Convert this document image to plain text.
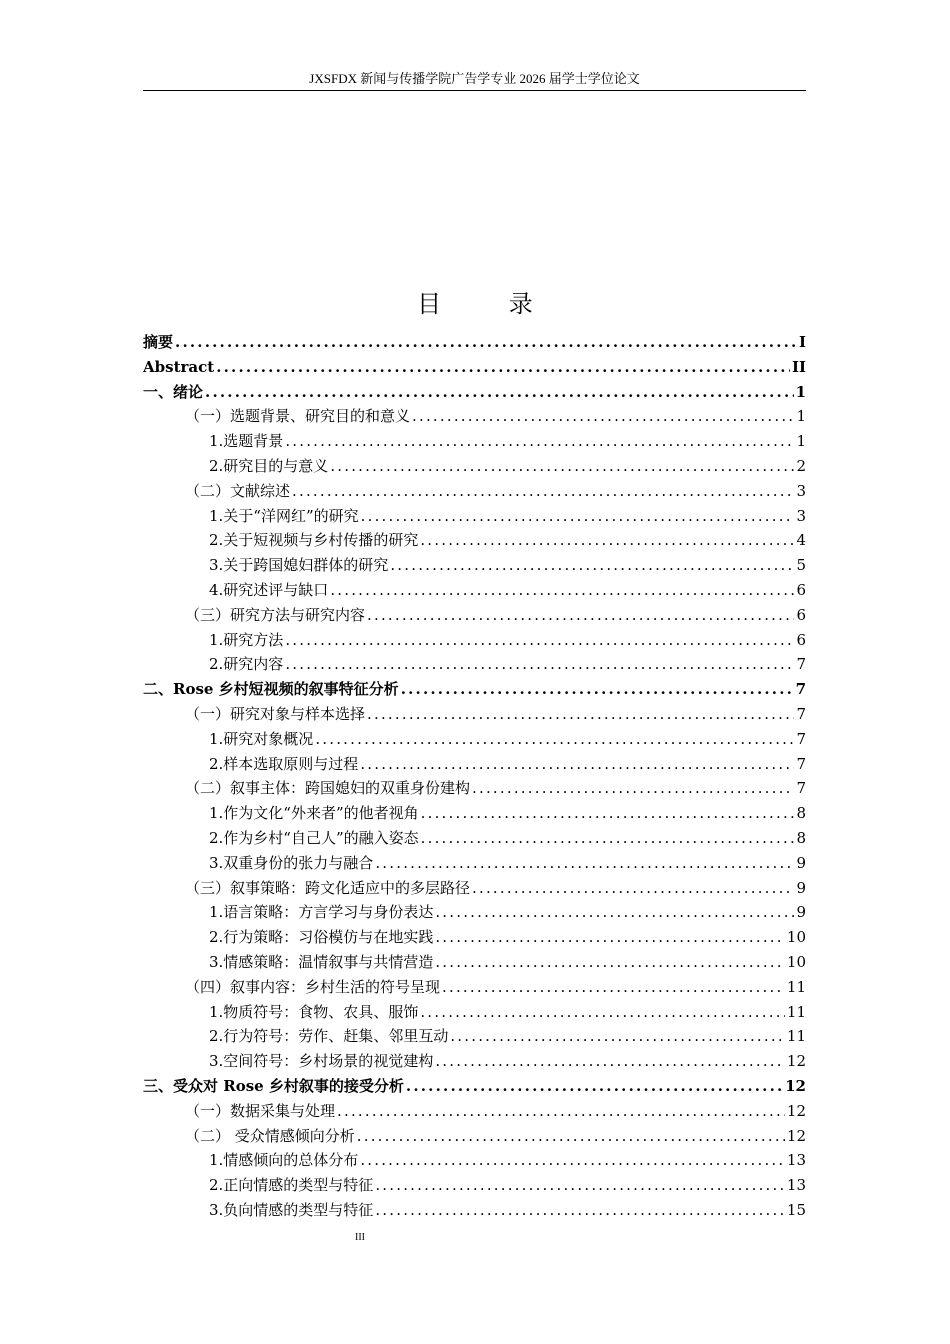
JXSFDX 新闻与传播学院广告学专业 2026 届学士学位论文
目 录
摘要 .....	I
Abstract .....	II
一、绪论 .....	1
（一）选题背景、研究目的和意义 .....	1
1.选题背景 .....	1
2.研究目的与意义 .....	2
（二）文献综述 .....	3
1.关于“洋网红”的研究 .....	3
2.关于短视频与乡村传播的研究 .....	4
3.关于跨国媳妇群体的研究 .....	5
4.研究述评与缺口 .....	6
（三）研究方法与研究内容 .....	6
1.研究方法 .....	6
2.研究内容 .....	7
二、Rose 乡村短视频的叙事特征分析 .....	7
（一）研究对象与样本选择 .....	7
1.研究对象概况 .....	7
2.样本选取原则与过程 .....	7
（二）叙事主体：跨国媳妇的双重身份建构 .....	7
1.作为文化“外来者”的他者视角 .....	8
2.作为乡村“自己人”的融入姿态 .....	8
3.双重身份的张力与融合 .....	9
（三）叙事策略：跨文化适应中的多层路径 .....	9
1.语言策略：方言学习与身份表达 .....	9
2.行为策略：习俗模仿与在地实践 .....	10
3.情感策略：温情叙事与共情营造 .....	10
（四）叙事内容：乡村生活的符号呈现 .....	11
1.物质符号：食物、农具、服饰 .....	11
2.行为符号：劳作、赶集、邻里互动 .....	11
3.空间符号：乡村场景的视觉建构 .....	12
三、受众对 Rose 乡村叙事的接受分析 .....	12
（一）数据采集与处理 .....	12
（二） 受众情感倾向分析 .....	12
1.情感倾向的总体分布 .....	13
2.正向情感的类型与特征 .....	13
3.负向情感的类型与特征 .....	15
III
